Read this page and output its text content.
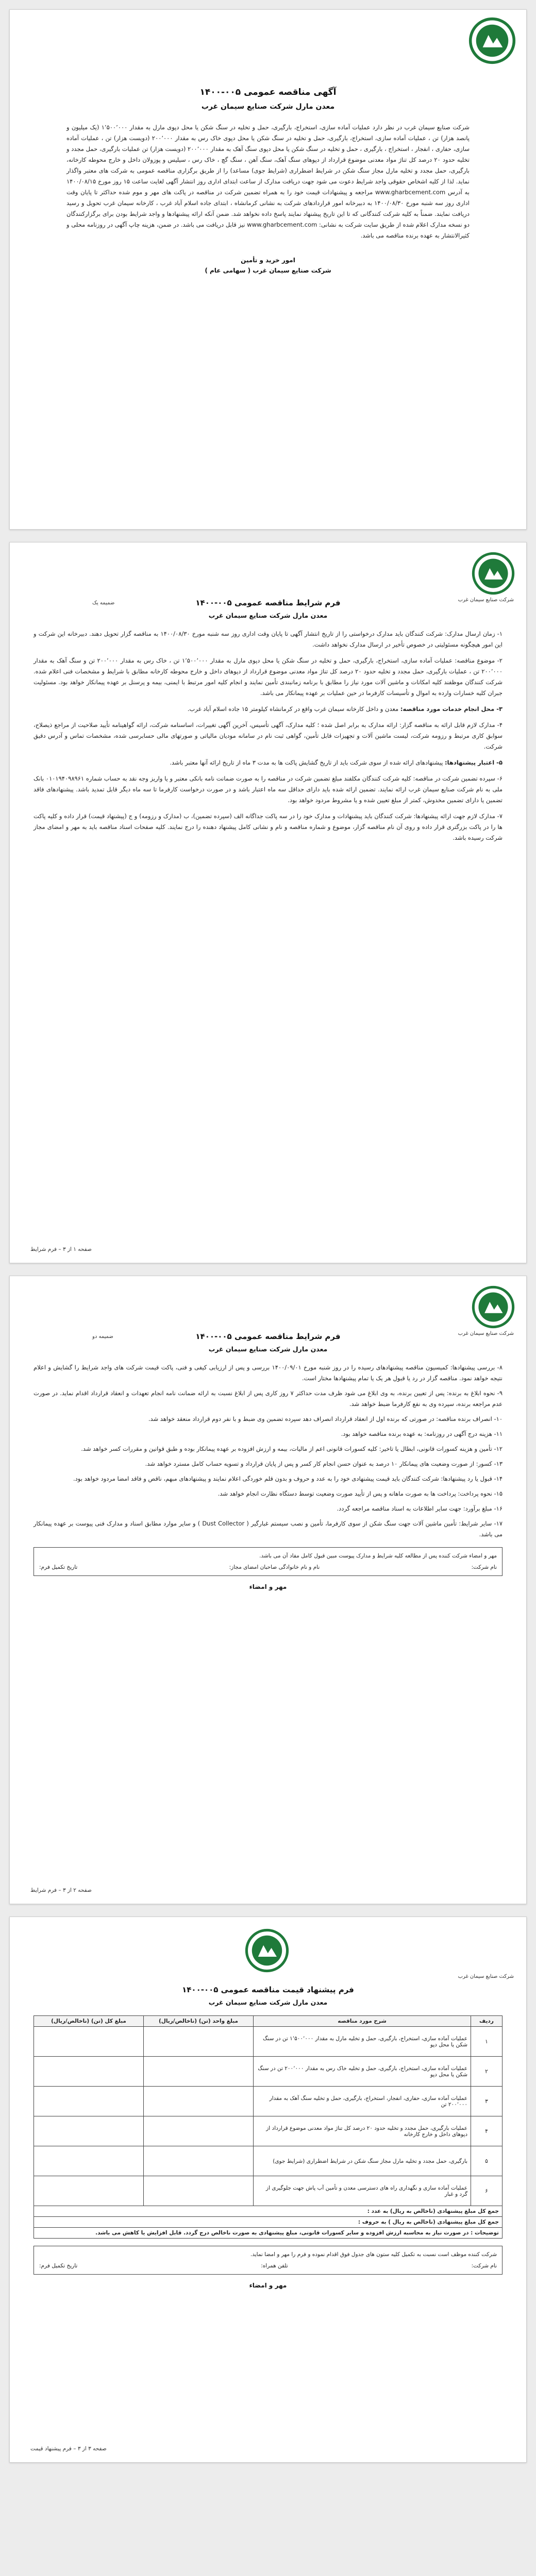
آگهی مناقصه عمومی ۰۰۵-۱۴۰۰
معدن مارل شرکت صنایع سیمان غرب
شرکت صنایع سیمان غرب در نظر دارد عملیات آماده سازی، استخراج، بارگیری، حمل و تخلیه در سنگ شکن یا محل دپوی مارل به مقدار ۱٬۵۰۰٬۰۰۰ (یک میلیون و پانصد هزار) تن ، عملیات آماده سازی، استخراج، بارگیری، حمل و تخلیه در سنگ شکن یا محل دپوی خاک رس به مقدار ۲۰۰٬۰۰۰ (دویست هزار) تن ، عملیات آماده سازی، حفاری ، انفجار ، استخراج ، بارگیری ، حمل و تخلیه در سنگ شکن یا محل دپوی سنگ آهک به مقدار ۲۰۰٬۰۰۰ (دویست هزار) تن عملیات بارگیری، حمل مجدد و تخلیه حدود ۲۰ درصد کل تناژ مواد معدنی موضوع قرارداد از دپوهای سنگ آهک، سنگ آهن ، سنگ گچ ، خاک رس ، سیلیس و پوزولان داخل و خارج محوطه کارخانه، بارگیری، حمل مجدد و تخلیه مارل مجاز سنگ شکن در شرایط اضطراری (شرایط جوی) مساعد) را از طریق برگزاری مناقصه عمومی به شرکت های معتبر واگذار نماید. لذا از کلیه اشخاص حقوقی واجد شرایط دعوت می شود جهت دریافت مدارک از ساعت ابتدای اداری روز انتشار آگهی لغایت ساعت ۱۵ روز مورخ ۱۴۰۰/۰۸/۱۵ به آدرس www.gharbcement.com مراجعه و پیشنهادات قیمت خود را به همراه تضمین شرکت در مناقصه در پاکت های مهر و موم شده حداکثر تا پایان وقت اداری روز سه شنبه مورخ ۱۴۰۰/۰۸/۳۰ به دبیرخانه امور قراردادهای شرکت به نشانی کرمانشاه ، ابتدای جاده اسلام آباد غرب ، کارخانه سیمان غرب تحویل و رسید دریافت نمایند. ضمناً به کلیه شرکت کنندگانی که تا این تاریخ پیشنهاد نمایند پاسخ داده نخواهد شد. ضمن آنکه ارائه پیشنهادها و واجد شرایط بودن برای برگزارکنندگان دو نسخه مدارک اعلام شده از طریق سایت شرکت به نشانی: www.gharbcement.com نیز قابل دریافت می باشد. در ضمن، هزینه چاپ آگهی در روزنامه محلی و کثیرالانتشار به عهده برنده مناقصه می باشد.
امور خرید و تأمین
شرکت صنایع سیمان غرب ( سهامی عام )
شرکت صنایع سیمان غرب
ضمیمه یک	فرم شرایط مناقصه عمومی ۰۰۵-۱۴۰۰
معدن مارل شرکت صنایع سیمان غرب

۱- زمان ارسال مدارک: شرکت کنندگان باید مدارک درخواستی را از تاریخ انتشار آگهی تا پایان وقت اداری روز سه شنبه مورخ ۱۴۰۰/۰۸/۳۰ به مناقصه گزار تحویل دهند. دبیرخانه این شرکت و این امور هیچگونه مسئولیتی در خصوص تأخیر در ارسال مدارک نخواهد داشت.

۲- موضوع مناقصه: عملیات آماده سازی، استخراج، بارگیری، حمل و تخلیه در سنگ شکن یا محل دپوی مارل به مقدار ۱٬۵۰۰٬۰۰۰ تن ، خاک رس به مقدار ۲۰۰٬۰۰۰ تن و سنگ آهک به مقدار ۲۰۰٬۰۰۰ تن ، عملیات بارگیری، حمل مجدد و تخلیه حدود ۲۰ درصد کل تناژ مواد معدنی موضوع قرارداد از دپوهای داخل و خارج محوطه کارخانه مطابق با شرایط و مشخصات فنی اعلام شده. شرکت کنندگان موظفند کلیه امکانات و ماشین آلات مورد نیاز را مطابق با برنامه زمانبندی تأمین نمایند و انجام کلیه امور مرتبط با ایمنی، بیمه و پرسنل بر عهده پیمانکار خواهد بود. مسئولیت جبران کلیه خسارات وارده به اموال و تأسیسات کارفرما در حین عملیات بر عهده پیمانکار می باشد.

۳- محل انجام خدمات مورد مناقصه: معدن و داخل کارخانه سیمان غرب واقع در کرمانشاه کیلومتر ۱۵ جاده اسلام آباد غرب.

۴- مدارک لازم قابل ارائه به مناقصه گزار: ارائه مدارک به برابر اصل شده ؛ کلیه مدارک، آگهی تأسیس، آخرین آگهی تغییرات، اساسنامه شرکت، ارائه گواهینامه تأیید صلاحیت از مراجع ذیصلاح، سوابق کاری مرتبط و رزومه شرکت، لیست ماشین آلات و تجهیزات قابل تأمین، گواهی ثبت نام در سامانه مودیان مالیاتی و صورتهای مالی حسابرسی شده، مشخصات تماس و آدرس دقیق شرکت.

۵- اعتبار پیشنهادها: پیشنهادهای ارائه شده از سوی شرکت باید از تاریخ گشایش پاکت ها به مدت ۳ ماه از تاریخ ارائه آنها معتبر باشد.

۶- سپرده تضمین شرکت در مناقصه: کلیه شرکت کنندگان مکلفند مبلغ تضمین شرکت در مناقصه را به صورت ضمانت نامه بانکی معتبر و یا واریز وجه نقد به حساب شماره ۰۱۰۱۹۴۰۹۸۹۶۱ بانک ملی به نام شرکت صنایع سیمان غرب ارائه نمایند. تضمین ارائه شده باید دارای حداقل سه ماه اعتبار باشد و در صورت درخواست کارفرما تا سه ماه دیگر قابل تمدید باشد. پیشنهادهای فاقد تضمین یا دارای تضمین مخدوش، کمتر از مبلغ تعیین شده و یا مشروط مردود خواهد بود.

۷- مدارک لازم جهت ارائه پیشنهادها: شرکت کنندگان باید پیشنهادات و مدارک خود را در سه پاکت جداگانه الف (سپرده تضمین)، ب (مدارک و رزومه) و ج (پیشنهاد قیمت) قرار داده و کلیه پاکت ها را در پاکت بزرگتری قرار داده و روی آن نام مناقصه گزار، موضوع و شماره مناقصه و نام و نشانی کامل پیشنهاد دهنده را درج نمایند. کلیه صفحات اسناد مناقصه باید به مهر و امضای مجاز شرکت رسیده باشد.

صفحه ۱ از ۳ – فرم شرایط
شرکت صنایع سیمان غرب
ضمیمه دو	فرم شرایط مناقصه عمومی ۰۰۵-۱۴۰۰
معدن مارل شرکت صنایع سیمان غرب

۸- بررسی پیشنهادها: کمیسیون مناقصه پیشنهادهای رسیده را در روز شنبه مورخ ۱۴۰۰/۰۹/۰۱ بررسی و پس از ارزیابی کیفی و فنی، پاکت قیمت شرکت های واجد شرایط را گشایش و اعلام نتیجه خواهد نمود. مناقصه گزار در رد یا قبول هر یک یا تمام پیشنهادها مختار است.

۹- نحوه ابلاغ به برنده: پس از تعیین برنده، به وی ابلاغ می شود ظرف مدت حداکثر ۷ روز کاری پس از ابلاغ نسبت به ارائه ضمانت نامه انجام تعهدات و انعقاد قرارداد اقدام نماید. در صورت عدم مراجعه برنده، سپرده وی به نفع کارفرما ضبط خواهد شد.

۱۰- انصراف برنده مناقصه: در صورتی که برنده اول از انعقاد قرارداد انصراف دهد سپرده تضمین وی ضبط و با نفر دوم قرارداد منعقد خواهد شد.

۱۱- هزینه درج آگهی در روزنامه: به عهده برنده مناقصه خواهد بود.

۱۲- تأمین و هزینه کسورات قانونی، ابطال یا تاخیر: کلیه کسورات قانونی اعم از مالیات، بیمه و ارزش افزوده بر عهده پیمانکار بوده و طبق قوانین و مقررات کسر خواهد شد.

۱۳- کسور: از صورت وضعیت های پیمانکار ۱۰ درصد به عنوان حسن انجام کار کسر و پس از پایان قرارداد و تسویه حساب کامل مسترد خواهد شد.

۱۴- قبول یا رد پیشنهادها: شرکت کنندگان باید قیمت پیشنهادی خود را به عدد و حروف و بدون قلم خوردگی اعلام نمایند و پیشنهادهای مبهم، ناقص و فاقد امضا مردود خواهد بود.

۱۵- نحوه پرداخت: پرداخت ها به صورت ماهانه و پس از تأیید صورت وضعیت توسط دستگاه نظارت انجام خواهد شد.

۱۶- مبلغ برآورد: جهت سایر اطلاعات به اسناد مناقصه مراجعه گردد.

۱۷- سایر شرایط: تأمین ماشین آلات جهت سنگ شکن از سوی کارفرما، تأمین و نصب سیستم غبارگیر ( Dust Collector ) و سایر موارد مطابق اسناد و مدارک فنی پیوست بر عهده پیمانکار می باشد.

مهر و امضاء شرکت کننده پس از مطالعه کلیه شرایط و مدارک پیوست مبین قبول کامل مفاد آن می باشد.
نام شرکت:
نام و نام خانوادگی صاحبان امضای مجاز:
تاریخ تکمیل فرم:
مهر و امضاء
صفحه ۲ از ۳ – فرم شرایط
شرکت صنایع سیمان غرب
فرم پیشنهاد قیمت مناقصه عمومی ۰۰۵-۱۴۰۰
معدن مارل شرکت صنایع سیمان غرب
ردیف	شرح مورد مناقصه	مبلغ واحد (تن) (ناخالص/ریال)	مبلغ کل (تن) (ناخالص/ریال)
۱	عملیات آماده سازی، استخراج، بارگیری، حمل و تخلیه مارل به مقدار ۱٬۵۰۰٬۰۰۰ تن در سنگ شکن یا محل دپو		
۲	عملیات آماده سازی، استخراج، بارگیری، حمل و تخلیه خاک رس به مقدار ۲۰۰٬۰۰۰ تن در سنگ شکن یا محل دپو		
۳	عملیات آماده سازی، حفاری، انفجار، استخراج، بارگیری، حمل و تخلیه سنگ آهک به مقدار ۲۰۰٬۰۰۰ تن		
۴	عملیات بارگیری، حمل مجدد و تخلیه حدود ۲۰ درصد کل تناژ مواد معدنی موضوع قرارداد از دپوهای داخل و خارج کارخانه		
۵	بارگیری، حمل مجدد و تخلیه مارل مجاز سنگ شکن در شرایط اضطراری (شرایط جوی)		
۶	عملیات آماده سازی و نگهداری راه های دسترسی معدن و تأمین آب پاش جهت جلوگیری از گرد و غبار		
جمع کل مبلغ پیشنهادی (ناخالص به ریال) به عدد :			
جمع کل مبلغ پیشنهادی (ناخالص به ریال ) به حروف :			
توضیحات : در صورت نیاز به محاسبه ارزش افزوده و سایر کسورات قانونی، مبلغ پیشنهادی به صورت ناخالص درج گردد. قابل افزایش یا کاهش می باشد.			
شرکت کننده موظف است نسبت به تکمیل کلیه ستون های جدول فوق اقدام نموده و فرم را مهر و امضا نماید.
نام شرکت:
تلفن همراه:
تاریخ تکمیل فرم:
مهر و امضاء
صفحه ۳ از ۳ – فرم پیشنهاد قیمت
